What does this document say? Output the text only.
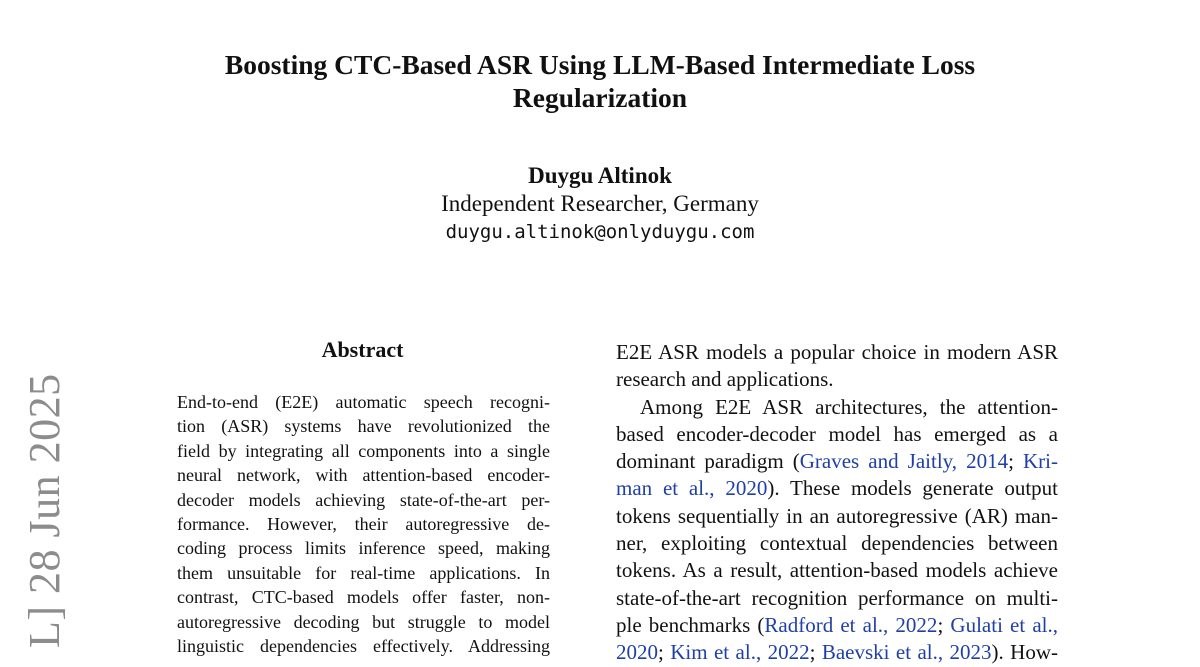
Boosting CTC-Based ASR Using LLM-Based Intermediate Loss
Regularization
Duygu Altinok
Independent Researcher, Germany
duygu.altinok@onlyduygu.com
L] 28 Jun 2025
Abstract
End-to-end (E2E) automatic speech recogni-
tion (ASR) systems have revolutionized the
field by integrating all components into a single
neural network, with attention-based encoder-
decoder models achieving state-of-the-art per-
formance. However, their autoregressive de-
coding process limits inference speed, making
them unsuitable for real-time applications. In
contrast, CTC-based models offer faster, non-
autoregressive decoding but struggle to model
linguistic dependencies effectively. Addressing
E2E ASR models a popular choice in modern ASR
research and applications.
Among E2E ASR architectures, the attention-
based encoder-decoder model has emerged as a
dominant paradigm (Graves and Jaitly, 2014; Kri-
man et al., 2020). These models generate output
tokens sequentially in an autoregressive (AR) man-
ner, exploiting contextual dependencies between
tokens. As a result, attention-based models achieve
state-of-the-art recognition performance on multi-
ple benchmarks (Radford et al., 2022; Gulati et al.,
2020; Kim et al., 2022; Baevski et al., 2023). How-
